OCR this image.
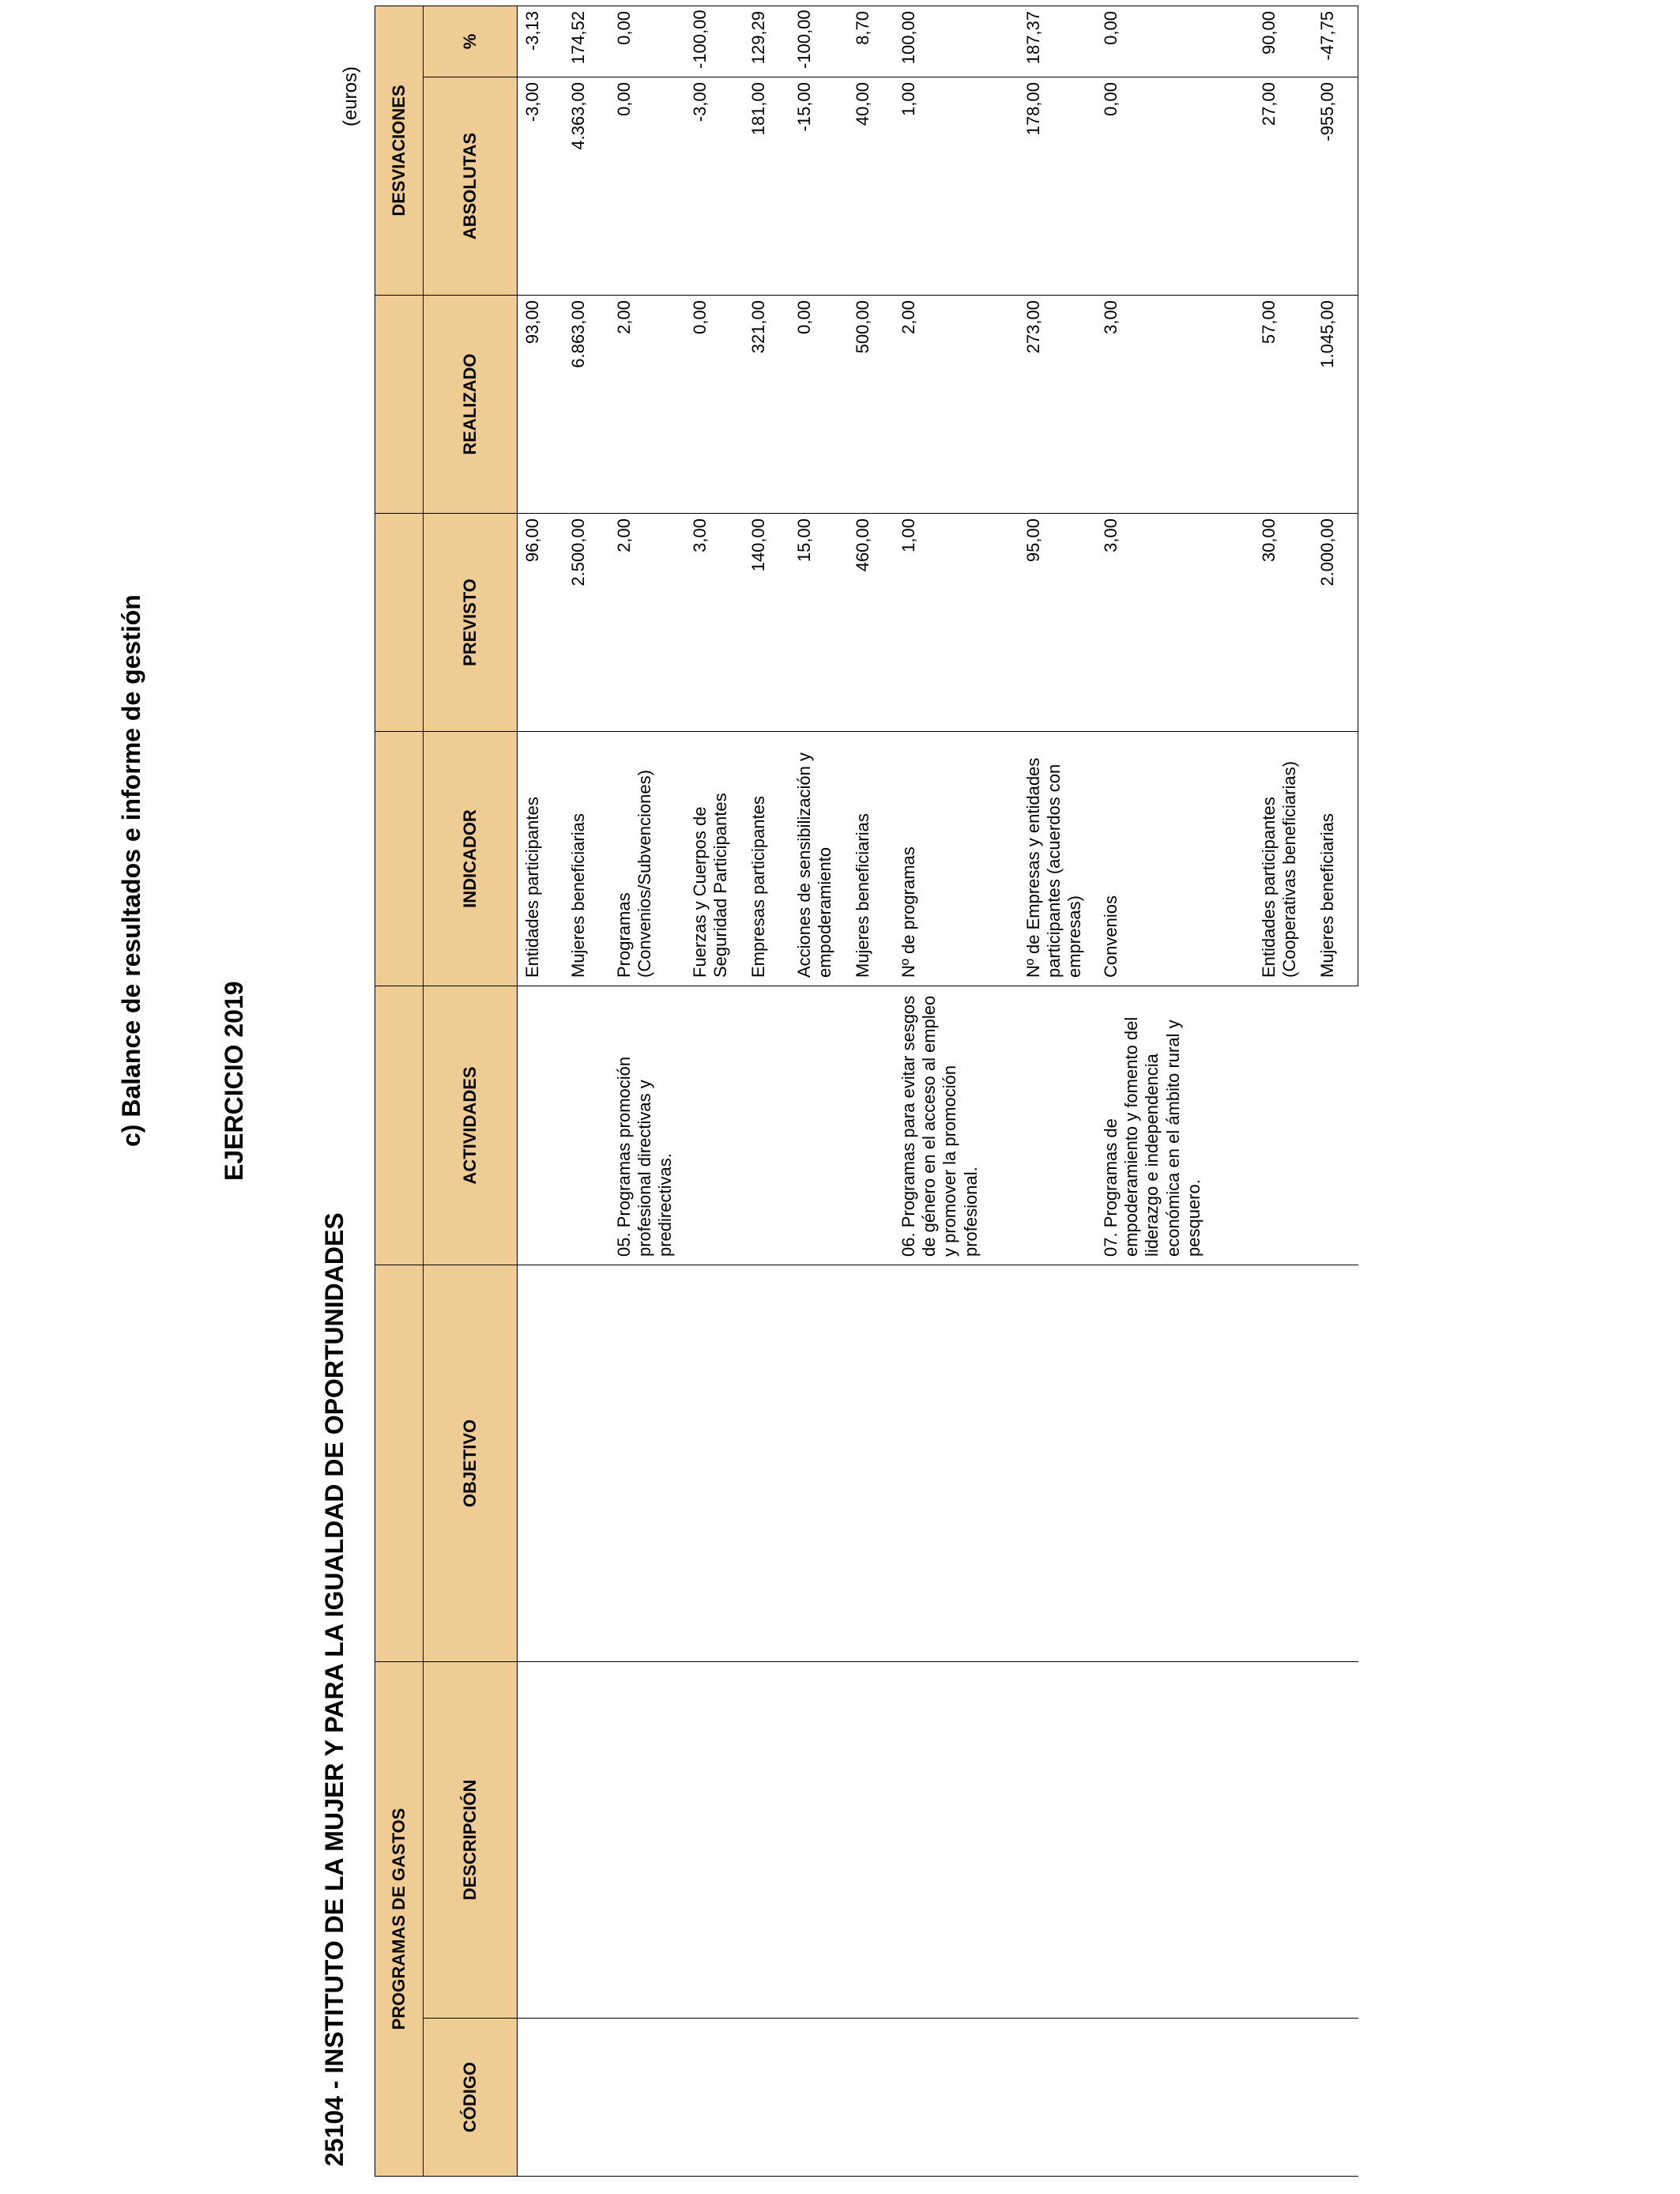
c) Balance de resultados e informe de gestión	EJERCICIO 2019
25104 - INSTITUTO DE LA MUJER Y PARA LA IGUALDAD DE OPORTUNIDADES
(euros)
PROGRAMAS DE GASTOS							DESVIACIONES	
CÓDIGO	DESCRIPCIÓN	OBJETIVO	ACTIVIDADES	INDICADOR	PREVISTO	REALIZADO	ABSOLUTAS	%
				Entidades participantes	96,00	93,00	-3,00	-3,13
				Mujeres beneficiarias	2.500,00	6.863,00	4.363,00	174,52
			05. Programas promoción profesional directivas y predirectivas.	Programas (Convenios/Subvenciones)	2,00	2,00	0,00	0,00
				Fuerzas y Cuerpos de Seguridad Participantes	3,00	0,00	-3,00	-100,00
				Empresas participantes	140,00	321,00	181,00	129,29
				Acciones de sensibilización y empoderamiento	15,00	0,00	-15,00	-100,00
				Mujeres beneficiarias	460,00	500,00	40,00	8,70
			06. Programas para evitar sesgos de género en el acceso al empleo y promover la promoción profesional.	Nº de programas	1,00	2,00	1,00	100,00
				Nº de Empresas y entidades participantes (acuerdos con empresas)	95,00	273,00	178,00	187,37
			07. Programas de empoderamiento y fomento del liderazgo e independencia económica en el ámbito rural y pesquero.	Convenios	3,00	3,00	0,00	0,00
				Entidades participantes (Cooperativas beneficiarias)	30,00	57,00	27,00	90,00
				Mujeres beneficiarias	2.000,00	1.045,00	-955,00	-47,75
